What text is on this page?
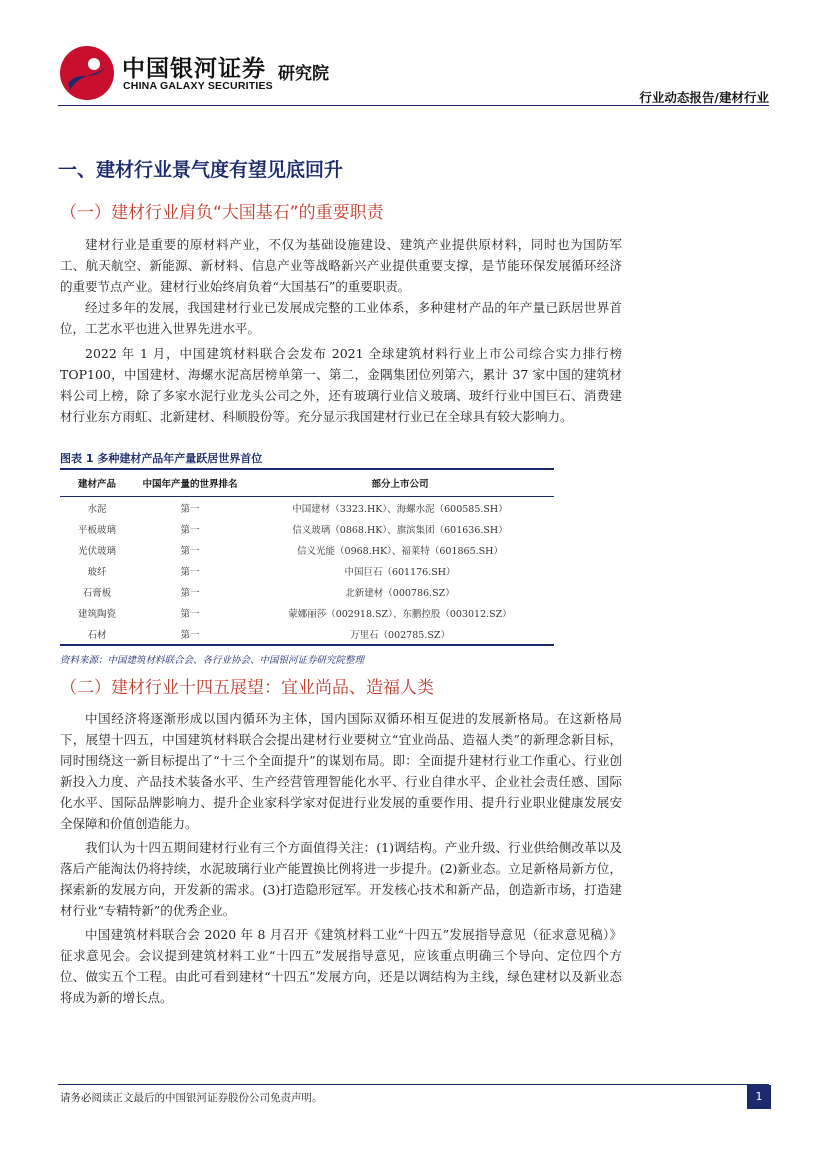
中国银河证券 研究院
CHINA GALAXY SECURITIES
行业动态报告/建材行业
一、建材行业景气度有望见底回升
（一）建材行业肩负“大国基石”的重要职责

建材行业是重要的原材料产业，不仅为基础设施建设、建筑产业提供原材料，同时也为国防军工、航天航空、新能源、新材料、信息产业等战略新兴产业提供重要支撑，是节能环保发展循环经济的重要节点产业。建材行业始终肩负着“大国基石”的重要职责。

经过多年的发展，我国建材行业已发展成完整的工业体系，多种建材产品的年产量已跃居世界首位，工艺水平也进入世界先进水平。

2022 年 1 月，中国建筑材料联合会发布 2021 全球建筑材料行业上市公司综合实力排行榜TOP100，中国建材、海螺水泥高居榜单第一、第二，金隅集团位列第六，累计 37 家中国的建筑材料公司上榜，除了多家水泥行业龙头公司之外，还有玻璃行业信义玻璃、玻纤行业中国巨石、消费建材行业东方雨虹、北新建材、科顺股份等。充分显示我国建材行业已在全球具有较大影响力。

图表 1 多种建材产品年产量跃居世界首位
建材产品	中国年产量的世界排名	部分上市公司
水泥	第一	中国建材（3323.HK）、海螺水泥（600585.SH）
平板玻璃	第一	信义玻璃（0868.HK）、旗滨集团（601636.SH）
光伏玻璃	第一	信义光能（0968.HK）、福莱特（601865.SH）
玻纤	第一	中国巨石（601176.SH）
石膏板	第一	北新建材（000786.SZ）
建筑陶瓷	第一	蒙娜丽莎（002918.SZ）、东鹏控股（003012.SZ）
石材	第一	万里石（002785.SZ）
资料来源：中国建筑材料联合会、各行业协会、中国银河证券研究院整理
（二）建材行业十四五展望：宜业尚品、造福人类

中国经济将逐渐形成以国内循环为主体，国内国际双循环相互促进的发展新格局。在这新格局下，展望十四五，中国建筑材料联合会提出建材行业要树立“宜业尚品、造福人类”的新理念新目标，同时围绕这一新目标提出了“十三个全面提升”的谋划布局。即：全面提升建材行业工作重心、行业创新投入力度、产品技术装备水平、生产经营管理智能化水平、行业自律水平、企业社会责任感、国际化水平、国际品牌影响力、提升企业家科学家对促进行业发展的重要作用、提升行业职业健康发展安全保障和价值创造能力。

我们认为十四五期间建材行业有三个方面值得关注：(1)调结构。产业升级、行业供给侧改革以及落后产能淘汰仍将持续，水泥玻璃行业产能置换比例将进一步提升。(2)新业态。立足新格局新方位，探索新的发展方向，开发新的需求。(3)打造隐形冠军。开发核心技术和新产品，创造新市场，打造建材行业“专精特新”的优秀企业。

中国建筑材料联合会 2020 年 8 月召开《建筑材料工业“十四五”发展指导意见（征求意见稿）》征求意见会。会议提到建筑材料工业“十四五”发展指导意见，应该重点明确三个导向、定位四个方位、做实五个工程。由此可看到建材“十四五”发展方向，还是以调结构为主线，绿色建材以及新业态将成为新的增长点。

请务必阅读正文最后的中国银河证券股份公司免责声明。	1
